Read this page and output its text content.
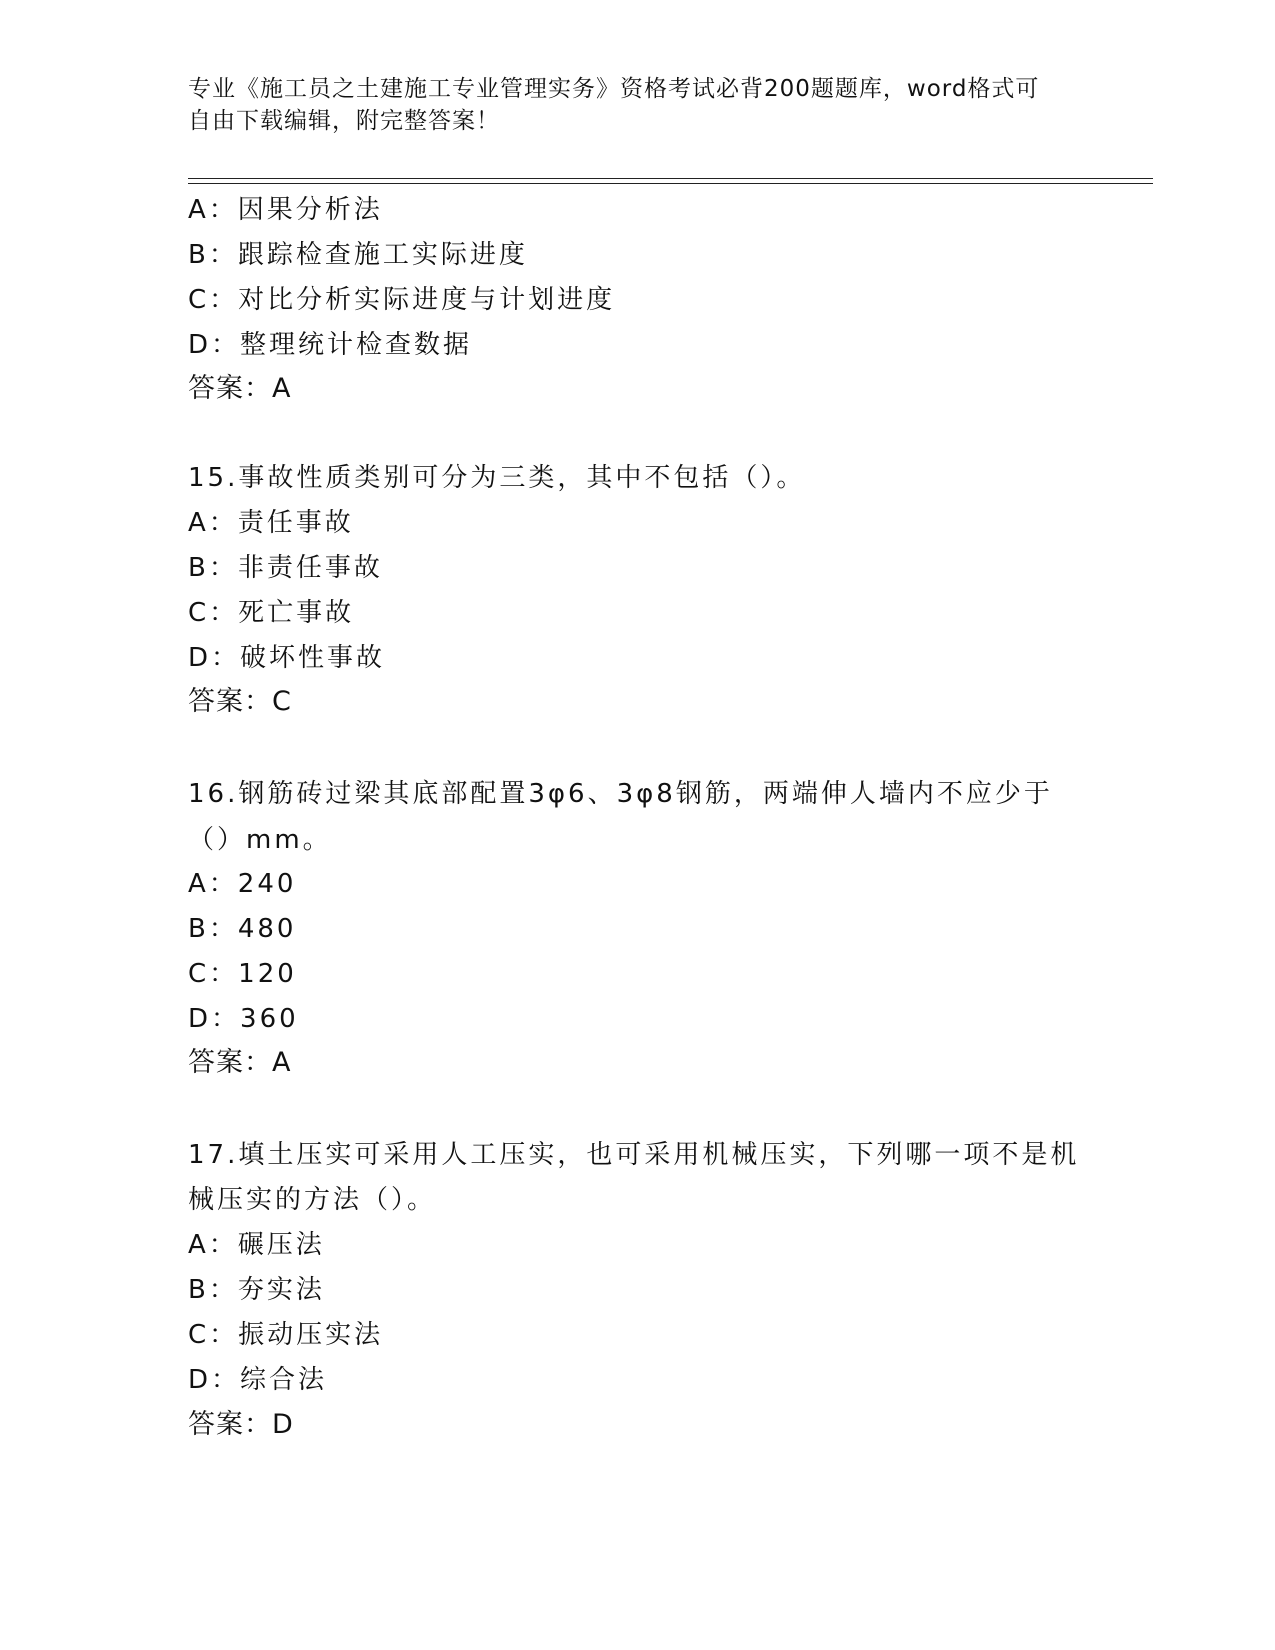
专业《施工员之土建施工专业管理实务》资格考试必背200题题库，word格式可
自由下载编辑，附完整答案！
A：因果分析法
B：跟踪检查施工实际进度
C：对比分析实际进度与计划进度
D：整理统计检查数据
答案：A
15.事故性质类别可分为三类，其中不包括（）。
A：责任事故
B：非责任事故
C：死亡事故
D：破坏性事故
答案：C
16.钢筋砖过梁其底部配置3φ6、3φ8钢筋，两端伸人墙内不应少于
（）mm。
A：240
B：480
C：120
D：360
答案：A
17.填土压实可采用人工压实，也可采用机械压实，下列哪一项不是机
械压实的方法（）。
A：碾压法
B：夯实法
C：振动压实法
D：综合法
答案：D
